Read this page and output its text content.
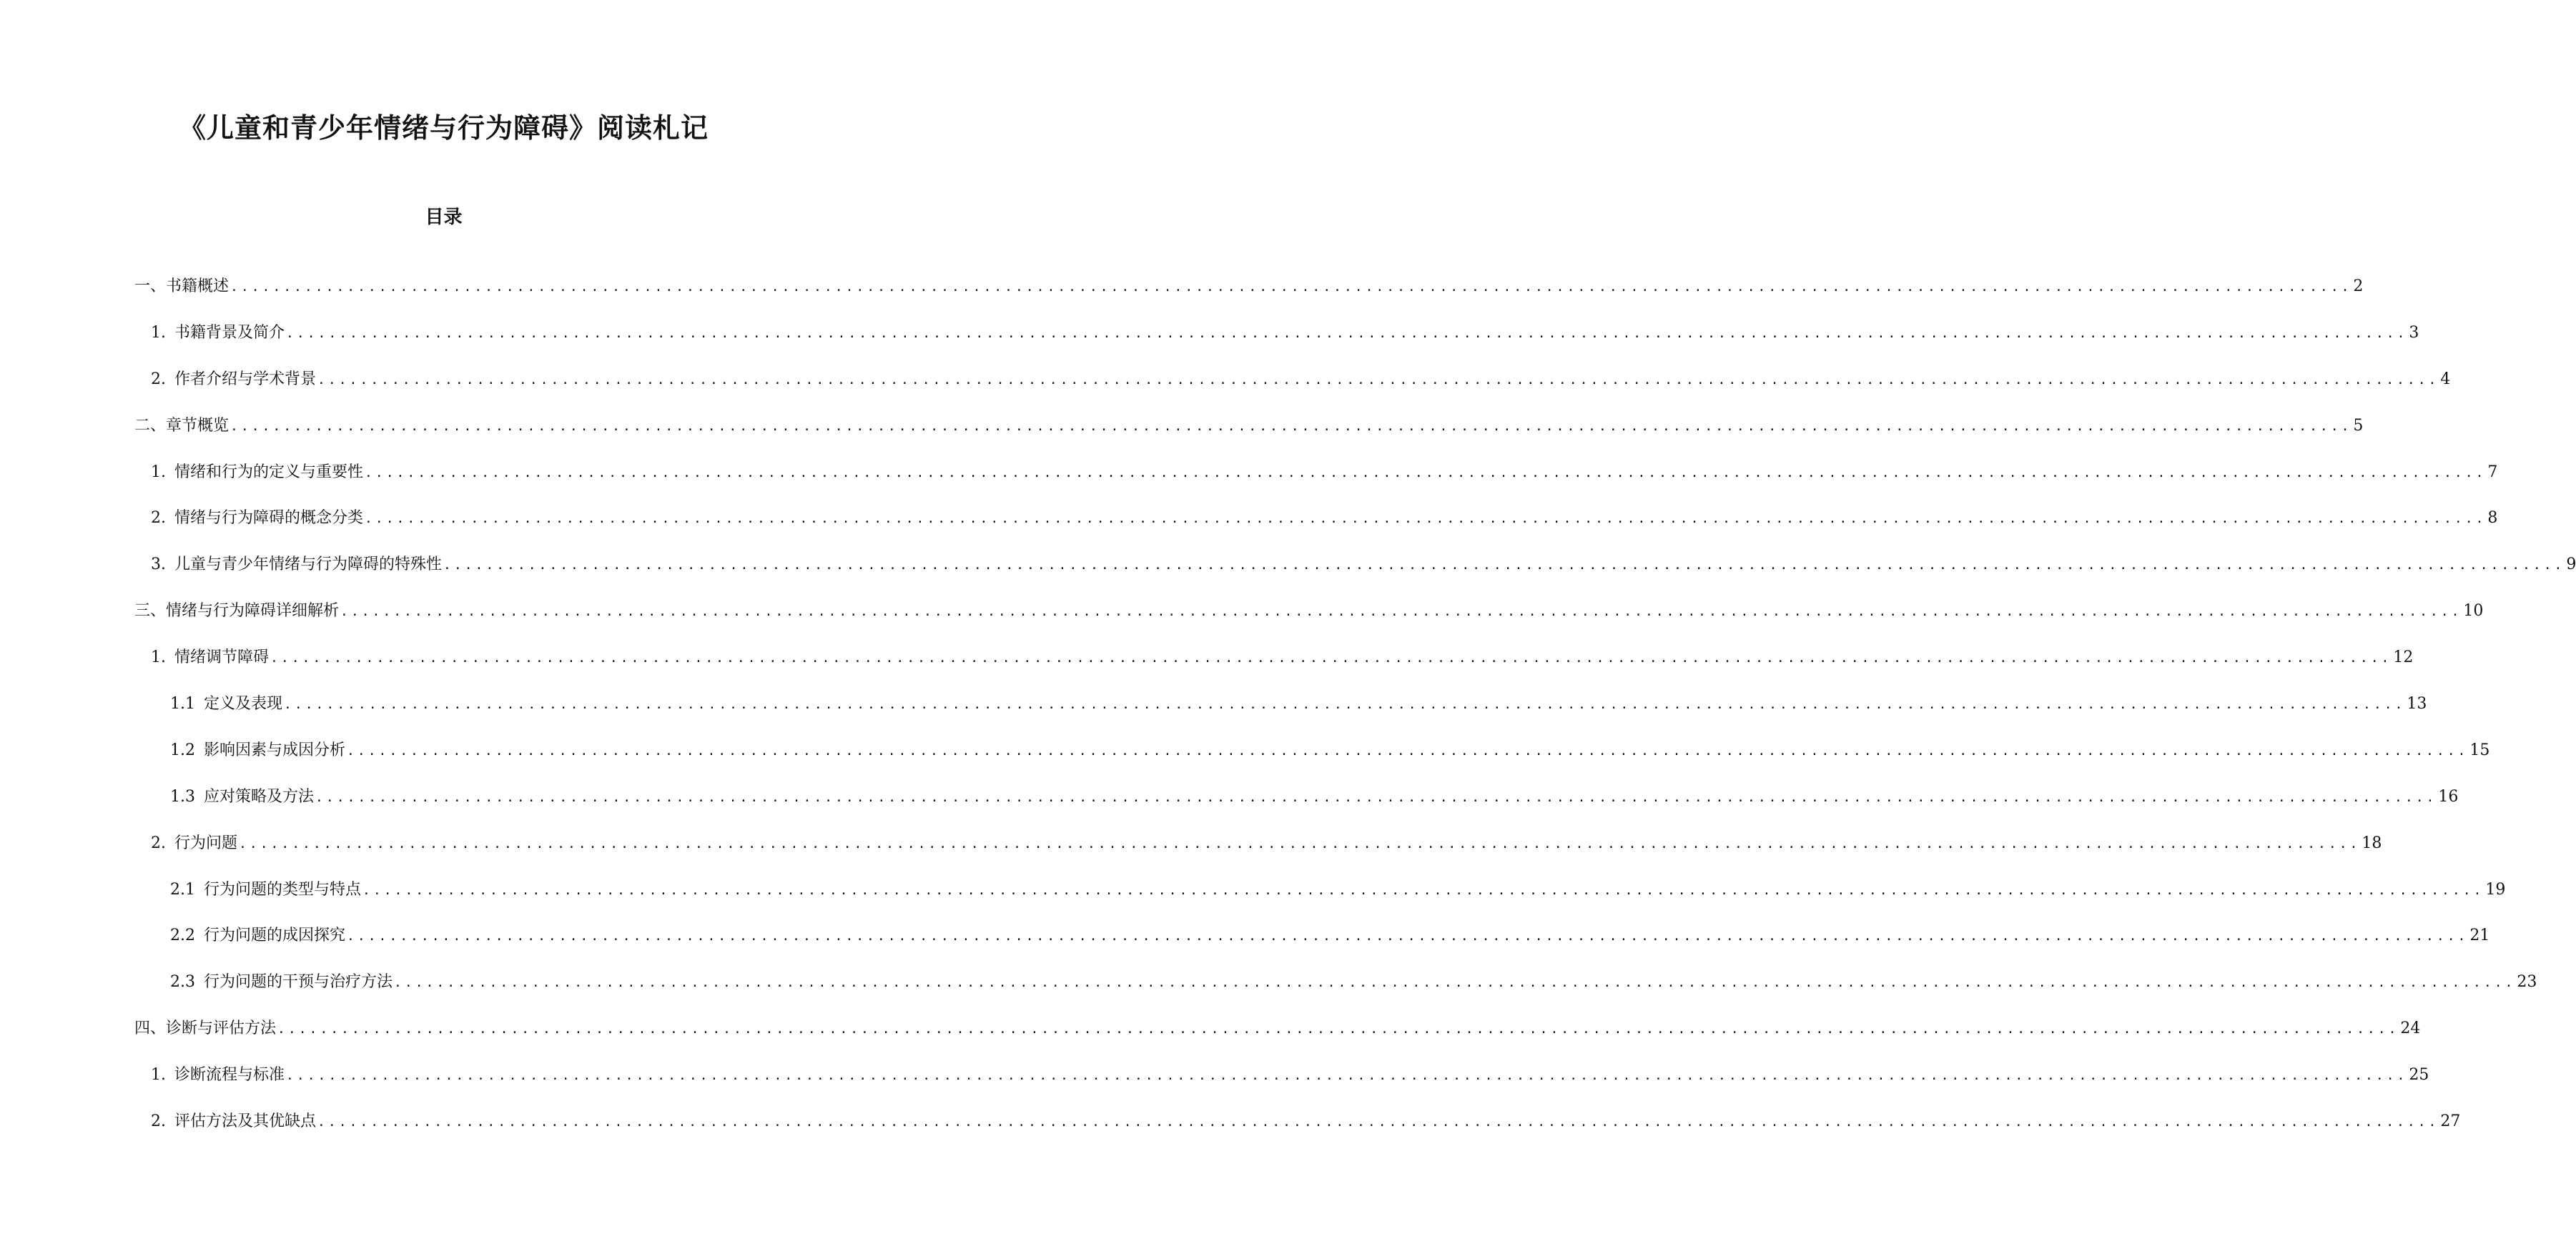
《儿童和青少年情绪与行为障碍》阅读札记
目录
一、 书籍概述 ........................................................................................................................................................................................................ 2
1. 书籍背景及简介 ........................................................................................................................................................................................................ 3
2. 作者介绍与学术背景 ........................................................................................................................................................................................................ 4
二、 章节概览 ........................................................................................................................................................................................................ 5
1. 情绪和行为的定义与重要性 ........................................................................................................................................................................................................ 7
2. 情绪与行为障碍的概念分类 ........................................................................................................................................................................................................ 8
3. 儿童与青少年情绪与行为障碍的特殊性 ........................................................................................................................................................................................................ 9
三、 情绪与行为障碍详细解析 ........................................................................................................................................................................................................ 10
1. 情绪调节障碍 ........................................................................................................................................................................................................ 12
1.1 定义及表现 ........................................................................................................................................................................................................ 13
1.2 影响因素与成因分析 ........................................................................................................................................................................................................ 15
1.3 应对策略及方法 ........................................................................................................................................................................................................ 16
2. 行为问题 ........................................................................................................................................................................................................ 18
2.1 行为问题的类型与特点 ........................................................................................................................................................................................................ 19
2.2 行为问题的成因探究 ........................................................................................................................................................................................................ 21
2.3 行为问题的干预与治疗方法 ........................................................................................................................................................................................................ 23
四、 诊断与评估方法 ........................................................................................................................................................................................................ 24
1. 诊断流程与标准 ........................................................................................................................................................................................................ 25
2. 评估方法及其优缺点 ........................................................................................................................................................................................................ 27
